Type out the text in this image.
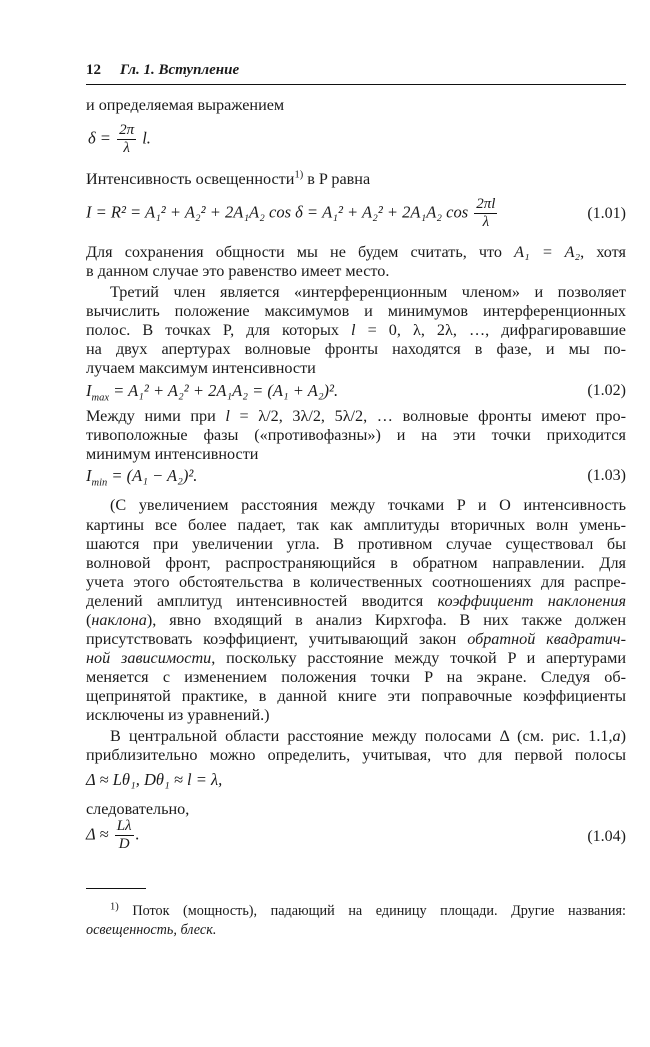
12 Гл. 1. Вступление
и определяемая выражением
$\delta = \frac{2\pi}{\lambda} l$.
Интенсивность освещенности$^{1)}$ в P равна
I = R² = A₁² + A₂² + 2A₁A₂ cos δ = A₁² + A₂² + 2A₁A₂ $\cos \frac{2\pi l}{\lambda}$	(1.01)
Для сохранения общности мы не будем считать, что A₁ = A₂, хотя
в данном случае это равенство имеет место.
Третий член является «интерференционным членом» и позволяет
вычислить положение максимумов и минимумов интерференционных
полос. В точках P, для которых l = 0, λ, 2λ, …, дифрагировавшие
на двух апертурах волновые фронты находятся в фазе, и мы по-
лучаем максимум интенсивности
$I_{max} = A_1^2 + A_2^2 + 2A_1A_2 = (A_1 + A_2)^2$.	(1.02)
Между ними при l = λ/2, 3λ/2, 5λ/2, … волновые фронты имеют про-
тивоположные фазы («противофазны») и на эти точки приходится
минимум интенсивности
$I_{min} = (A_1 - A_2)^2$.	(1.03)
(С увеличением расстояния между точками P и O интенсивность
картины все более падает, так как амплитуды вторичных волн умень-
шаются при увеличении угла. В противном случае существовал бы
волновой фронт, распространяющийся в обратном направлении. Для
учета этого обстоятельства в количественных соотношениях для распре-
делений амплитуд интенсивностей вводится коэффициент наклонения
(наклона), явно входящий в анализ Кирхгофа. В них также должен
присутствовать коэффициент, учитывающий закон обратной квадратич-
ной зависимости, поскольку расстояние между точкой P и апертурами
меняется с изменением положения точки P на экране. Следуя об-
щепринятой практике, в данной книге эти поправочные коэффициенты
исключены из уравнений.)
В центральной области расстояние между полосами Δ (см. рис. 1.1,а)
приблизительно можно определить, учитывая, что для первой полосы
Δ ≈ Lθ₁, Dθ₁ ≈ l = λ,
следовательно,
$\Delta \approx \frac{L\lambda}{D}$ .	(1.04)
$^{1)}$ Поток (мощность), падающий на единицу площади. Другие названия:
освещенность, блеск.
